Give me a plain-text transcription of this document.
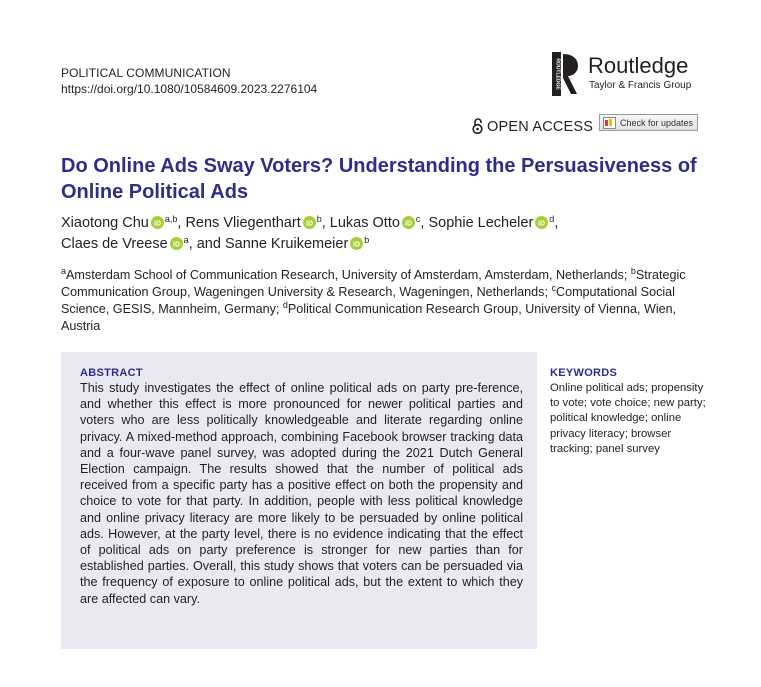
POLITICAL COMMUNICATION
https://doi.org/10.1080/10584609.2023.2276104	ROUTLEDGE Routledge
Taylor & Francis Group
OPEN ACCESS	Check for updates
Do Online Ads Sway Voters? Understanding the Persuasiveness of Online Political Ads
Xiaotong Chu iD $^{a,b}$, Rens Vliegenthart iD $^b$, Lukas Otto iD $^c$, Sophie Lecheler iD $^d$,
Claes de Vreese iD $^a$, and Sanne Kruikemeier iD $^b$
$^a$Amsterdam School of Communication Research, University of Amsterdam, Amsterdam, Netherlands; $^b$Strategic Communication Group, Wageningen University & Research, Wageningen, Netherlands; $^c$Computational Social Science, GESIS, Mannheim, Germany; $^d$Political Communication Research Group, University of Vienna, Wien, Austria
ABSTRACT

This study investigates the effect of online political ads on party pre-ference, and whether this effect is more pronounced for newer political parties and voters who are less politically knowledgeable and literate regarding online privacy. A mixed-method approach, combining Facebook browser tracking data and a four-wave panel survey, was adopted during the 2021 Dutch General Election campaign. The results showed that the number of political ads received from a specific party has a positive effect on both the propensity and choice to vote for that party. In addition, people with less political knowledge and online privacy literacy are more likely to be persuaded by online political ads. However, at the party level, there is no evidence indicating that the effect of political ads on party preference is stronger for new parties than for established parties. Overall, this study shows that voters can be persuaded via the frequency of exposure to online political ads, but the extent to which they are affected can vary.

KEYWORDS

Online political ads; propensity to vote; vote choice; new party; political knowledge; online privacy literacy; browser tracking; panel survey
